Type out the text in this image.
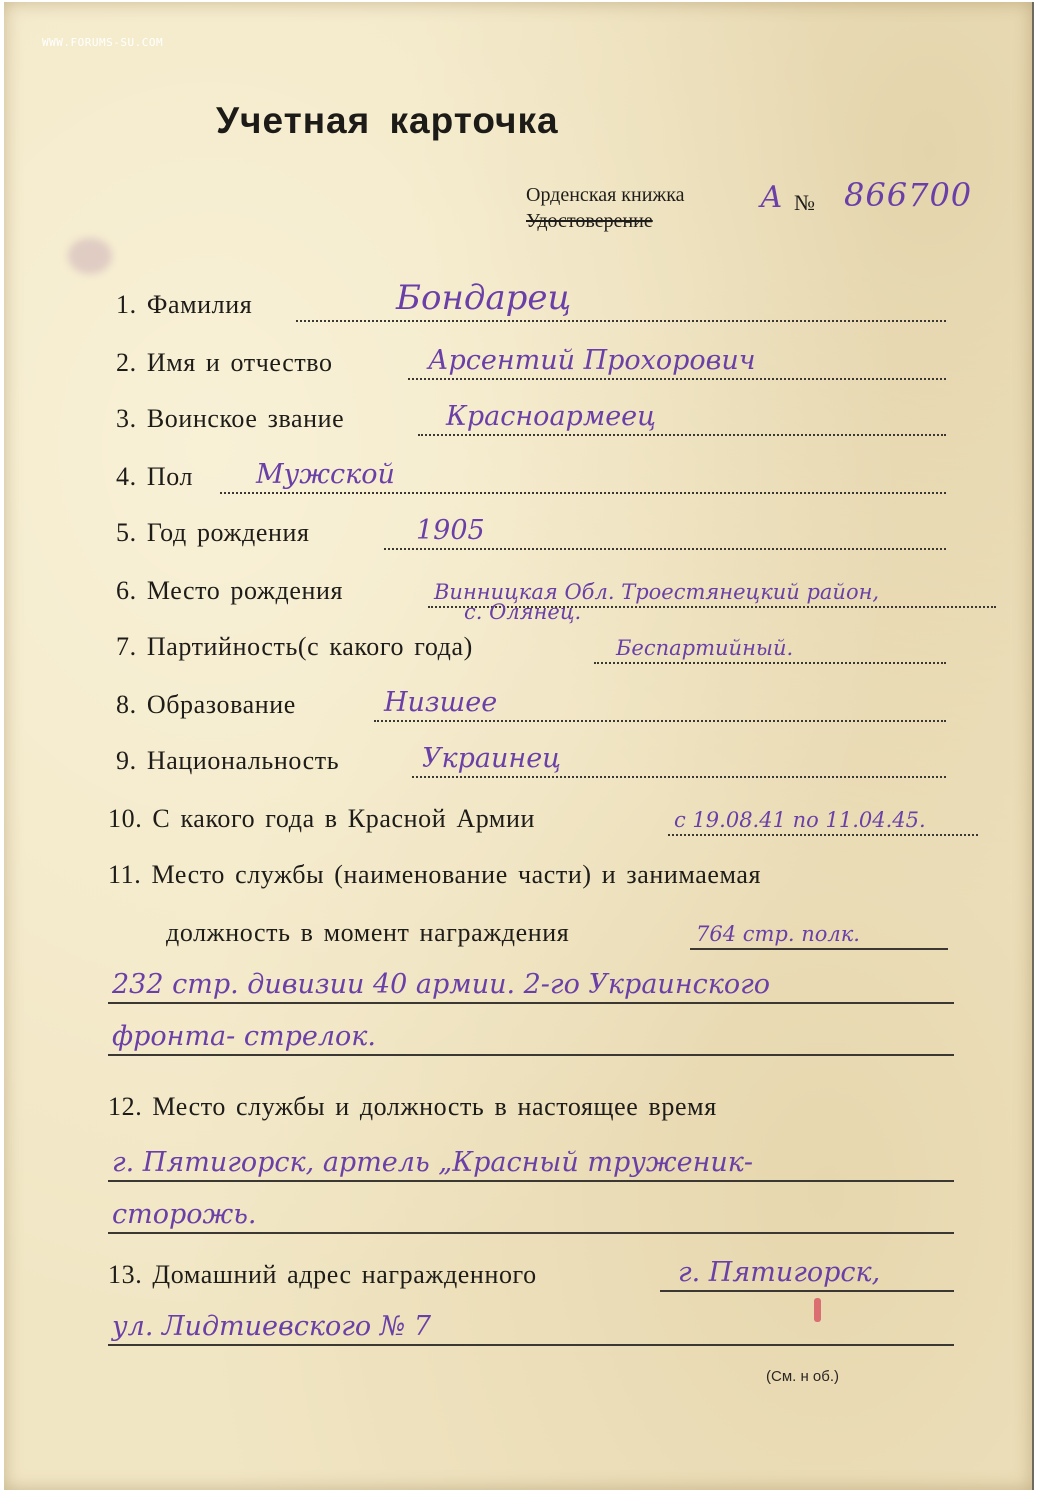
WWW.FORUMS-SU.COM
Учетная карточка
Орденская книжка
Удостоверение
А № 866700
1. Фамилия	Бондарец
2. Имя и отчество	Арсентий Прохорович
3. Воинское звание	Красноармеец
4. Пол Мужской
5. Год рождения	1905
6. Место рождения	Винницкая Обл. Троестянецкий район,
с. Олянец.
7. Партийность(с какого года)	Беспартийный.
8. Образование	Низшее
9. Национальность	Украинец
10. С какого года в Красной Армии	с 19.08.41 по 11.04.45.
11. Место службы (наименование части) и занимаемая
должность в момент награждения	764 стр. полк.
232 стр. дивизии 40 армии. 2-го Украинского
фронта- стрелок.
12. Место службы и должность в настоящее время
г. Пятигорск, артель „Красный труженик-
сторожь.
13. Домашний адрес награжденного	г. Пятигорск,
ул. Лидтиевского № 7
(См. н об.)
